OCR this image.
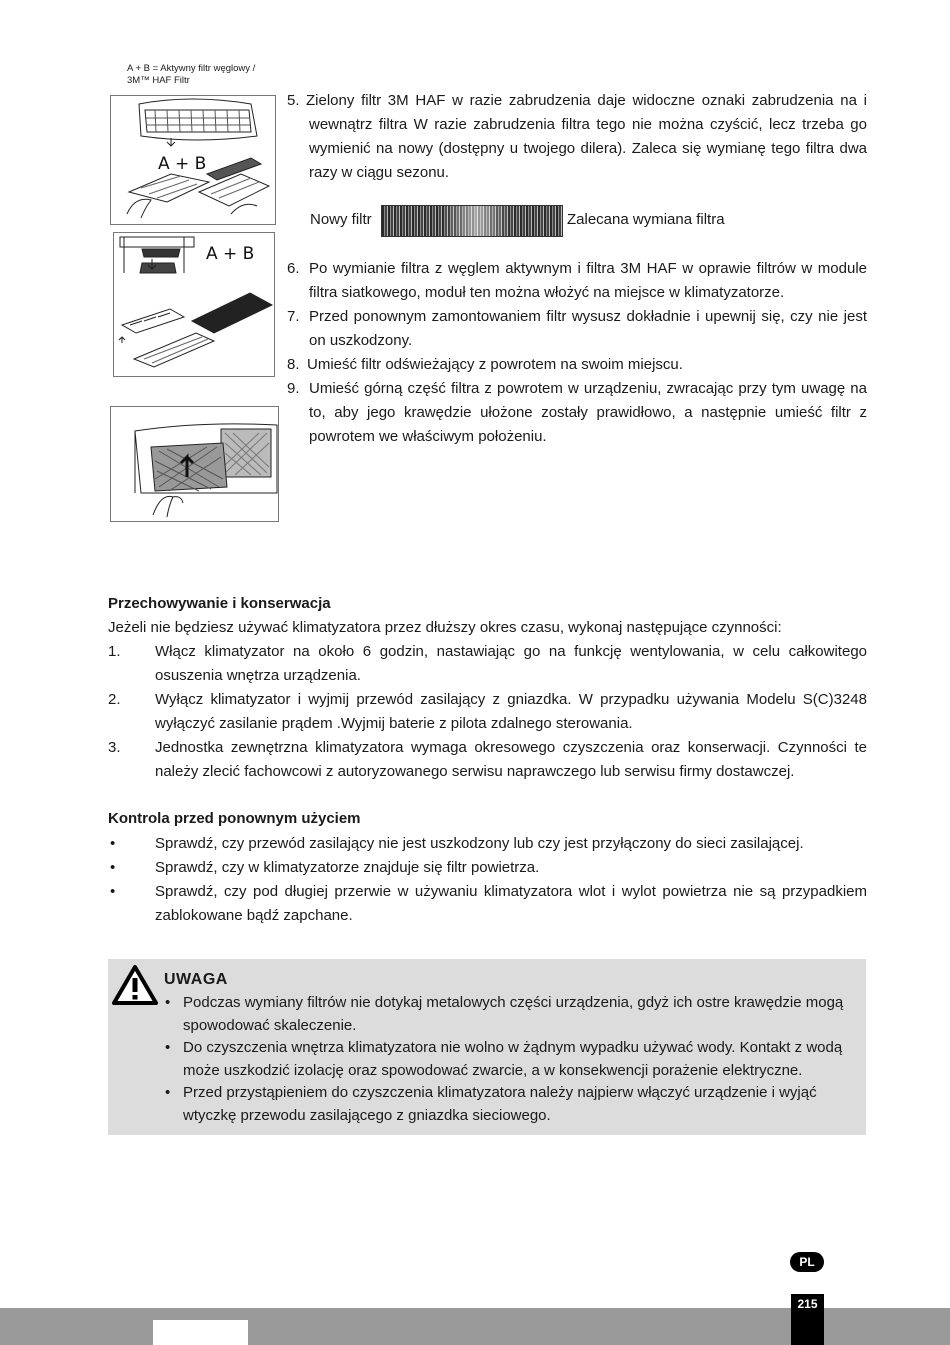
A + B = Aktywny filtr węglowy / 3M™ HAF Filtr
A + B
A + B
5. Zielony filtr 3M HAF w razie zabrudzenia daje widoczne oznaki zabrudzenia na i wewnątrz filtra W razie zabrudzenia filtra tego nie można czyścić, lecz trzeba go wymienić na nowy (dostępny u twojego dilera). Zaleca się wymianę tego filtra dwa razy w ciągu sezonu.
Nowy filtr	Zalecana wymiana filtra
6. Po wymianie filtra z węglem aktywnym i filtra 3M HAF w oprawie filtrów w module filtra siatkowego, moduł ten można włożyć na miejsce w klimatyzatorze.
7. Przed ponownym zamontowaniem filtr wysusz dokładnie i upewnij się, czy nie jest on uszkodzony.
8. Umieść filtr odświeżający z powrotem na swoim miejscu.
9. Umieść górną część filtra z powrotem w urządzeniu, zwracając przy tym uwagę na to, aby jego krawędzie ułożone zostały prawidłowo, a następnie umieść filtr z powrotem we właściwym położeniu.
Przechowywanie i konserwacja
Jeżeli nie będziesz używać klimatyzatora przez dłuższy okres czasu, wykonaj następujące czynności:
1. Włącz klimatyzator na około 6 godzin, nastawiając go na funkcję wentylowania, w celu całkowitego osuszenia wnętrza urządzenia.
2. Wyłącz klimatyzator i wyjmij przewód zasilający z gniazdka. W przypadku używania Modelu S(C)3248 wyłączyć zasilanie prądem .Wyjmij baterie z pilota zdalnego sterowania.
3. Jednostka zewnętrzna klimatyzatora wymaga okresowego czyszczenia oraz konserwacji. Czynności te należy zlecić fachowcowi z autoryzowanego serwisu naprawczego lub serwisu firmy dostawczej.
Kontrola przed ponownym użyciem
•	Sprawdź, czy przewód zasilający nie jest uszkodzony lub czy jest przyłączony do sieci zasilającej.
•	Sprawdź, czy w klimatyzatorze znajduje się filtr powietrza.
•	Sprawdź, czy pod długiej przerwie w używaniu klimatyzatora wlot i wylot powietrza nie są przypadkiem zablokowane bądź zapchane.
UWAGA
• Podczas wymiany filtrów nie dotykaj metalowych części urządzenia, gdyż ich ostre krawędzie mogą spowodować skaleczenie.
• Do czyszczenia wnętrza klimatyzatora nie wolno w żądnym wypadku używać wody. Kontakt z wodą może uszkodzić izolację oraz spowodować zwarcie, a w konsekwencji porażenie elektryczne.
• Przed przystąpieniem do czyszczenia klimatyzatora należy najpierw włączyć urządzenie i wyjąć wtyczkę przewodu zasilającego z gniazdka sieciowego.
PL
215
